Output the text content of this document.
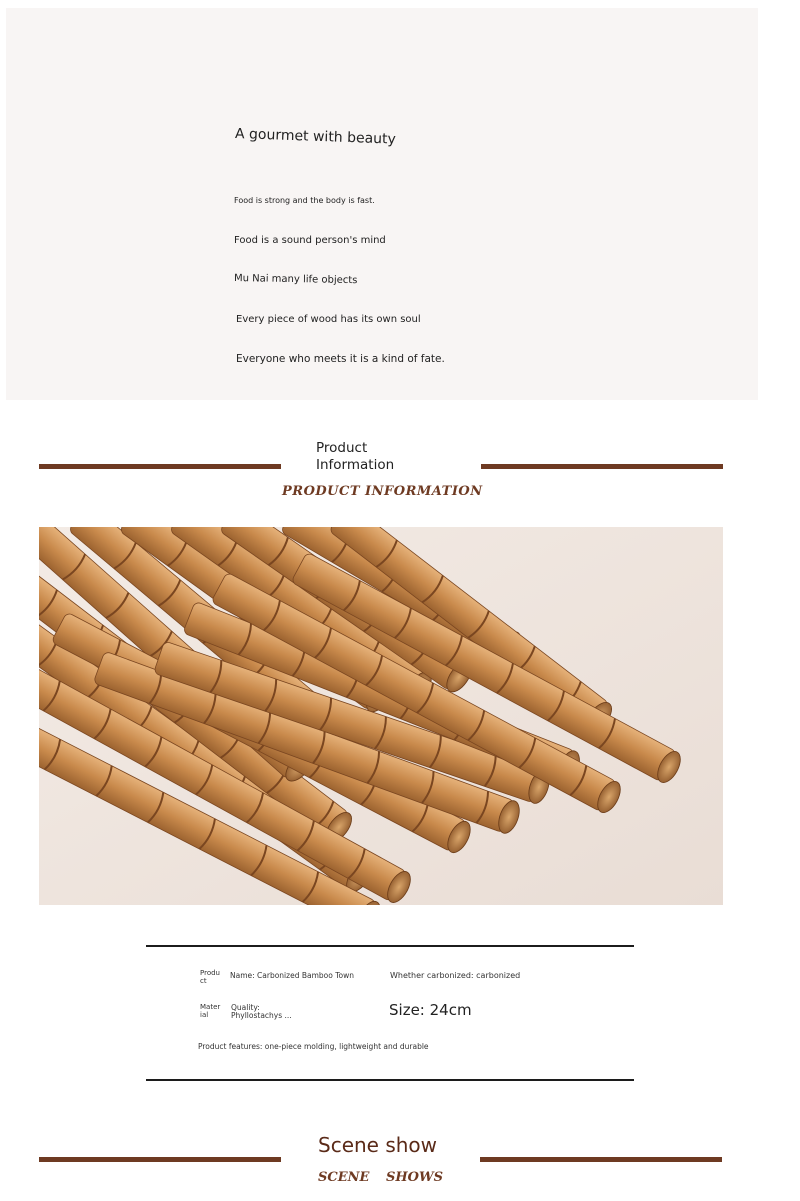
A gourmet with beauty
Food is strong and the body is fast.
Food is a sound person's mind
Mu Nai many life objects
Every piece of wood has its own soul
Everyone who meets it is a kind of fate.
Product
Information
PRODUCT INFORMATION
Product
Name: Carbonized Bamboo Town	Whether carbonized: carbonized
Material
Quality:
Phyllostachys ...	Size: 24cm
Product features: one-piece molding, lightweight and durable
Scene show
SCENE SHOWS
